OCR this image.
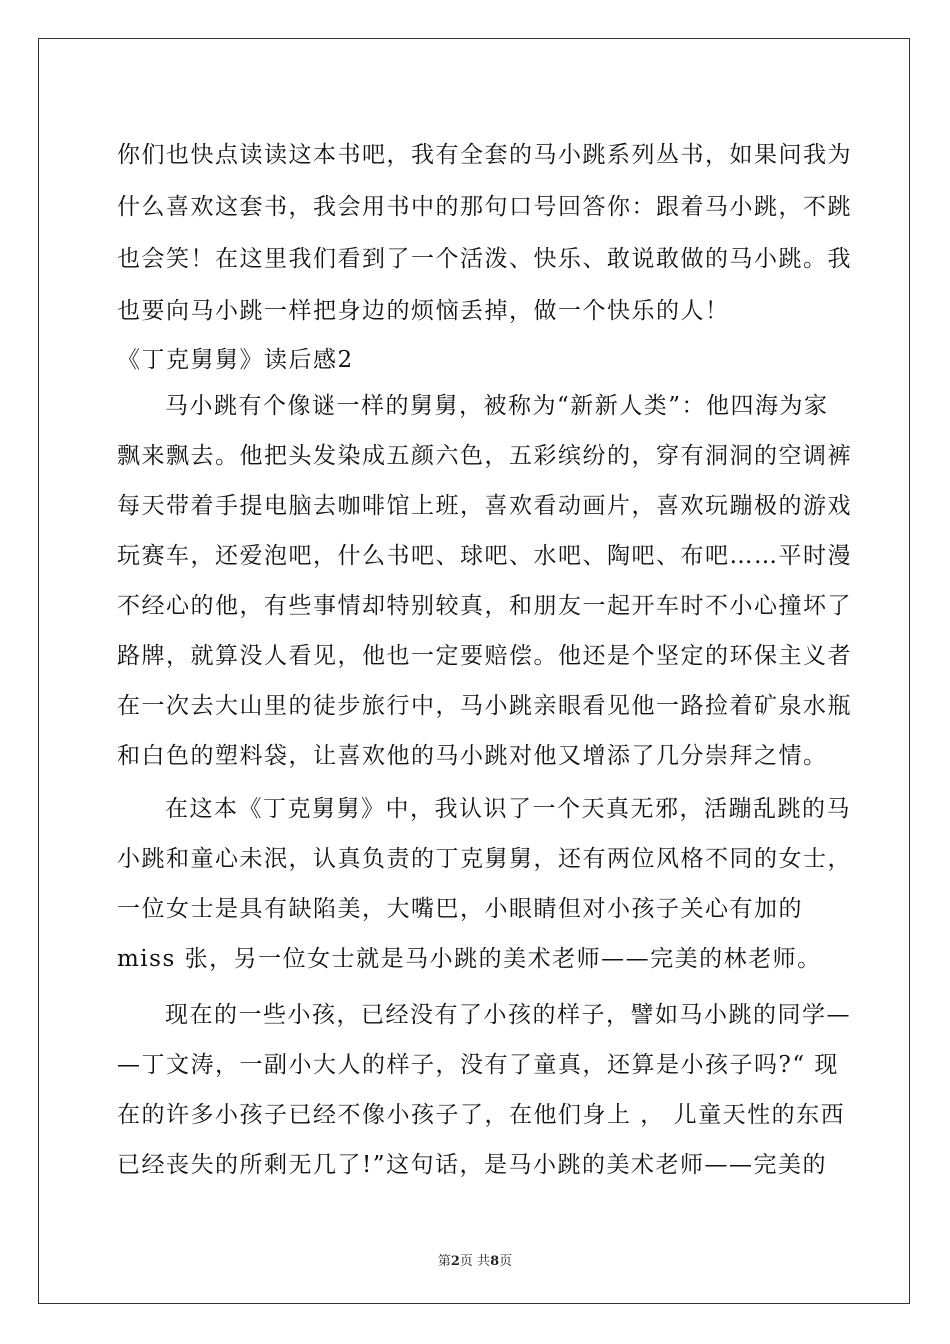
你们也快点读读这本书吧，我有全套的马小跳系列丛书，如果问我为
什么喜欢这套书，我会用书中的那句口号回答你：跟着马小跳，不跳
也会笑！在这里我们看到了一个活泼、快乐、敢说敢做的马小跳。我
也要向马小跳一样把身边的烦恼丢掉，做一个快乐的人！
《丁克舅舅》读后感2
马小跳有个像谜一样的舅舅，被称为“新新人类”：他四海为家
飘来飘去。他把头发染成五颜六色，五彩缤纷的，穿有洞洞的空调裤
每天带着手提电脑去咖啡馆上班，喜欢看动画片，喜欢玩蹦极的游戏
玩赛车，还爱泡吧，什么书吧、球吧、水吧、陶吧、布吧……平时漫
不经心的他，有些事情却特别较真，和朋友一起开车时不小心撞坏了
路牌，就算没人看见，他也一定要赔偿。他还是个坚定的环保主义者
在一次去大山里的徒步旅行中，马小跳亲眼看见他一路捡着矿泉水瓶
和白色的塑料袋，让喜欢他的马小跳对他又增添了几分崇拜之情。
在这本《丁克舅舅》中，我认识了一个天真无邪，活蹦乱跳的马
小跳和童心未泯，认真负责的丁克舅舅，还有两位风格不同的女士，
一位女士是具有缺陷美，大嘴巴，小眼睛但对小孩子关心有加的
miss 张，另一位女士就是马小跳的美术老师——完美的林老师。
现在的一些小孩，已经没有了小孩的样子，譬如马小跳的同学—
—丁文涛，一副小大人的样子，没有了童真，还算是小孩子吗?“ 现
在的许多小孩子已经不像小孩子了，在他们身上 ， 儿童天性的东西
已经丧失的所剩无几了!”这句话，是马小跳的美术老师——完美的
第2页 共8页
